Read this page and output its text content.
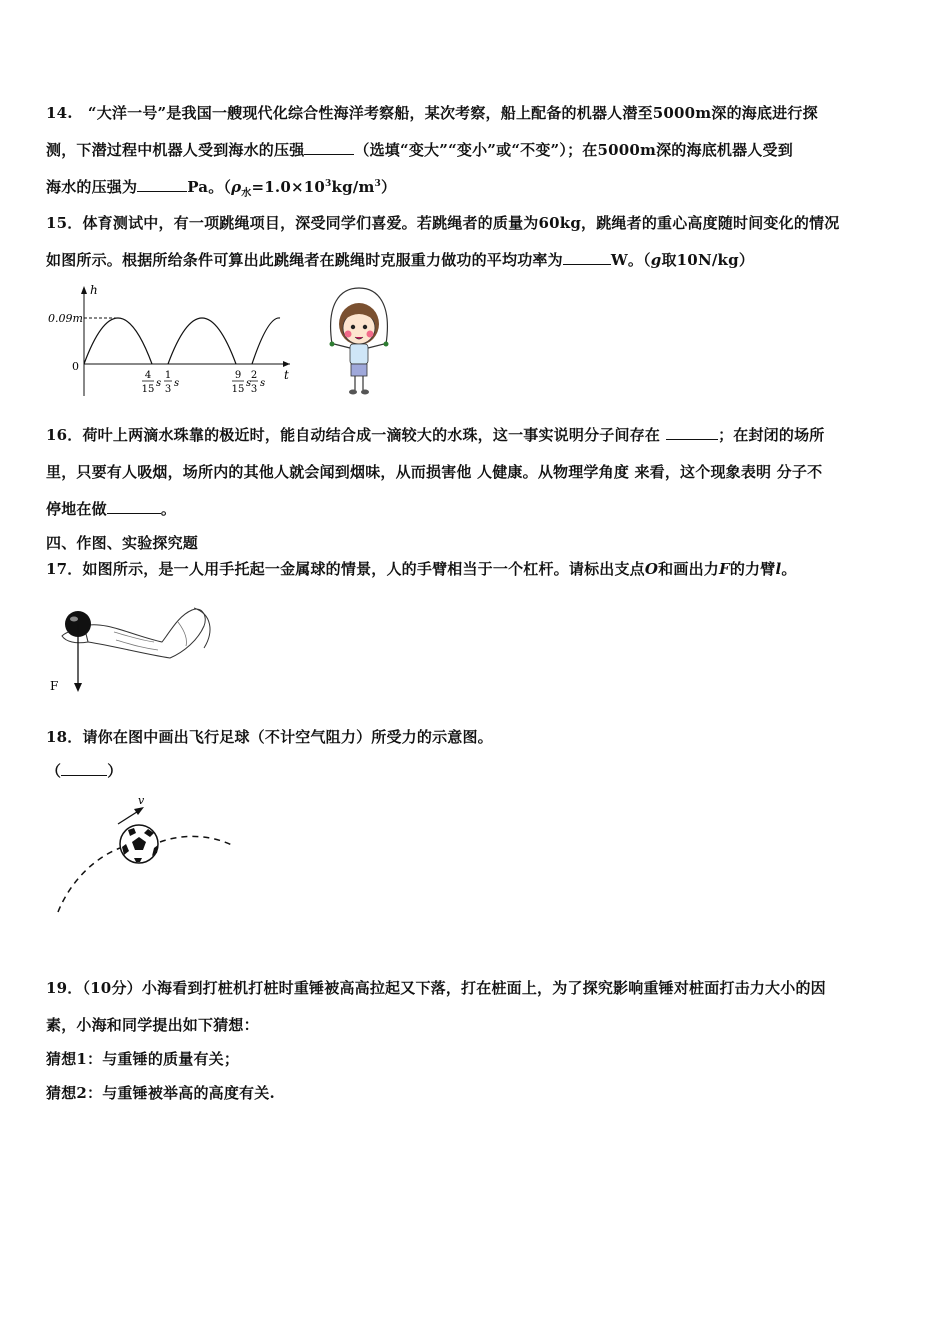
14.　“大洋一号”是我国一艘现代化综合性海洋考察船，某次考察，船上配备的机器人潜至5000m深的海底进行探
测，下潜过程中机器人受到海水的压强	（选填“变大”“变小”或“不变”）；在5000m深的海底机器人受到
海水的压强为	Pa。$(\rho_水=1.0\times 10^3kg/m^3)$
15．体育测试中，有一项跳绳项目，深受同学们喜爱。若跳绳者的质量为60kg，跳绳者的重心高度随时间变化的情况
如图所示。根据所给条件可算出此跳绳者在跳绳时克服重力做功的平均功率为	W。（g取10N/kg）
h
t
0.09m
0
4
15
s
1
3
s
9
15
s
2
3
s
16．荷叶上两滴水珠靠的极近时，能自动结合成一滴较大的水珠，这一事实说明分子间存在	；在封闭的场所
里，只要有人吸烟，场所内的其他人就会闻到烟味，从而损害他 人健康。从物理学角度 来看，这个现象表明 分子不
停地在做	。
四、作图、实验探究题
17．如图所示，是一人用手托起一金属球的情景，人的手臂相当于一个杠杆。请标出支点O和画出力F的力臂l。
F
18．请你在图中画出飞行足球（不计空气阻力）所受力的示意图。
（	）
v
19．（10分）小海看到打桩机打桩时重锤被高高拉起又下落，打在桩面上，为了探究影响重锤对桩面打击力大小的因
素，小海和同学提出如下猜想：
猜想1：与重锤的质量有关；
猜想2：与重锤被举高的高度有关.
